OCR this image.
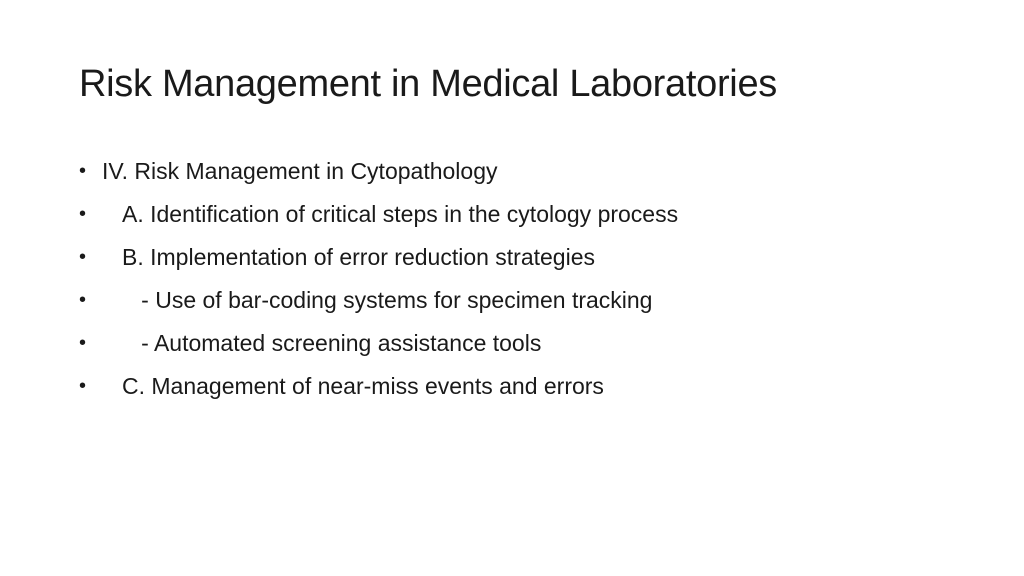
Risk Management in Medical Laboratories
• IV. Risk Management in Cytopathology
•	A. Identification of critical steps in the cytology process
•	B. Implementation of error reduction strategies
•	- Use of bar-coding systems for specimen tracking
•	- Automated screening assistance tools
•	C. Management of near-miss events and errors
